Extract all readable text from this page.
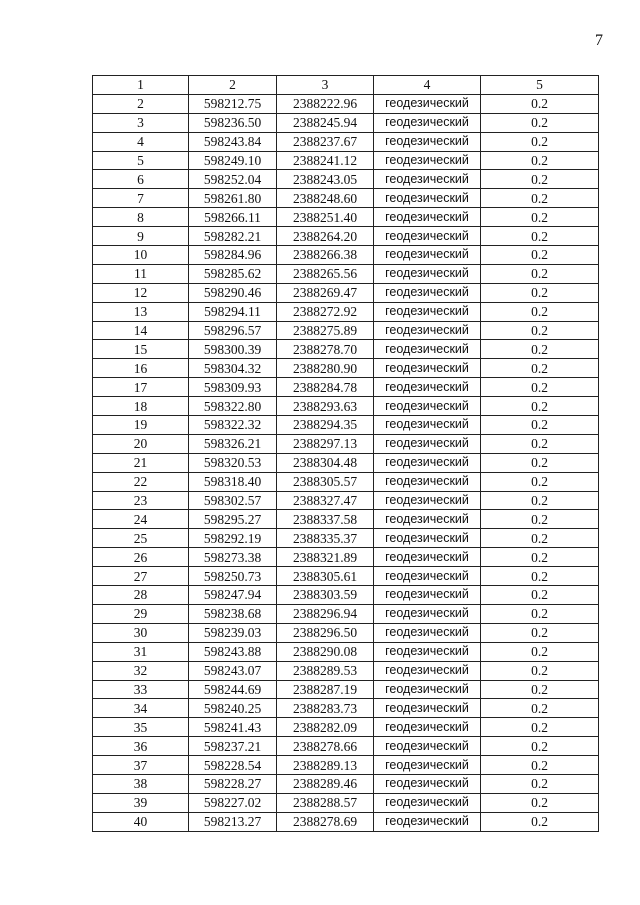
7
1	2	3	4	5
2	598212.75	2388222.96	геодезический	0.2
3	598236.50	2388245.94	геодезический	0.2
4	598243.84	2388237.67	геодезический	0.2
5	598249.10	2388241.12	геодезический	0.2
6	598252.04	2388243.05	геодезический	0.2
7	598261.80	2388248.60	геодезический	0.2
8	598266.11	2388251.40	геодезический	0.2
9	598282.21	2388264.20	геодезический	0.2
10	598284.96	2388266.38	геодезический	0.2
11	598285.62	2388265.56	геодезический	0.2
12	598290.46	2388269.47	геодезический	0.2
13	598294.11	2388272.92	геодезический	0.2
14	598296.57	2388275.89	геодезический	0.2
15	598300.39	2388278.70	геодезический	0.2
16	598304.32	2388280.90	геодезический	0.2
17	598309.93	2388284.78	геодезический	0.2
18	598322.80	2388293.63	геодезический	0.2
19	598322.32	2388294.35	геодезический	0.2
20	598326.21	2388297.13	геодезический	0.2
21	598320.53	2388304.48	геодезический	0.2
22	598318.40	2388305.57	геодезический	0.2
23	598302.57	2388327.47	геодезический	0.2
24	598295.27	2388337.58	геодезический	0.2
25	598292.19	2388335.37	геодезический	0.2
26	598273.38	2388321.89	геодезический	0.2
27	598250.73	2388305.61	геодезический	0.2
28	598247.94	2388303.59	геодезический	0.2
29	598238.68	2388296.94	геодезический	0.2
30	598239.03	2388296.50	геодезический	0.2
31	598243.88	2388290.08	геодезический	0.2
32	598243.07	2388289.53	геодезический	0.2
33	598244.69	2388287.19	геодезический	0.2
34	598240.25	2388283.73	геодезический	0.2
35	598241.43	2388282.09	геодезический	0.2
36	598237.21	2388278.66	геодезический	0.2
37	598228.54	2388289.13	геодезический	0.2
38	598228.27	2388289.46	геодезический	0.2
39	598227.02	2388288.57	геодезический	0.2
40	598213.27	2388278.69	геодезический	0.2
